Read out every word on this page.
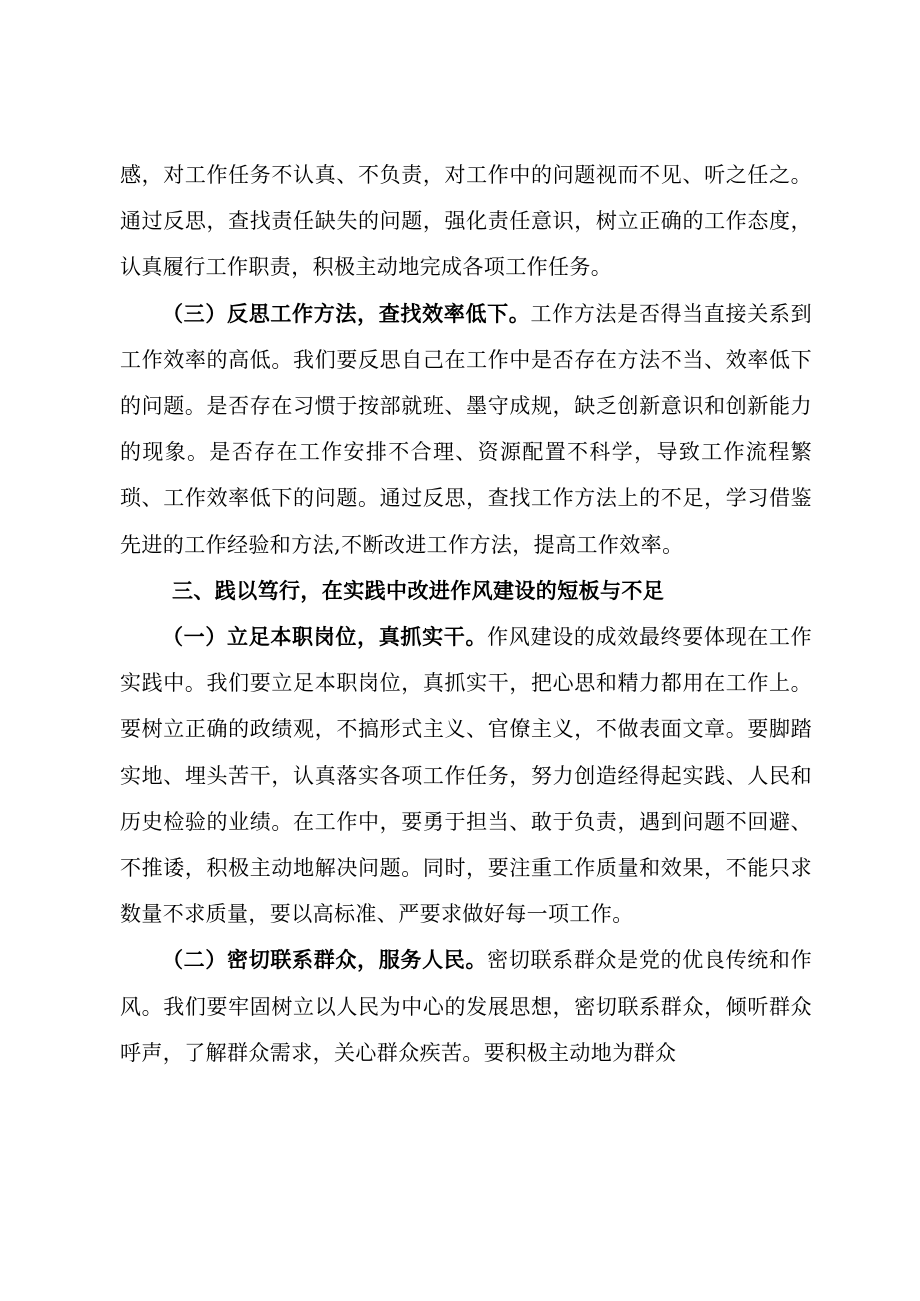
感，对工作任务不认真、不负责，对工作中的问题视而不见、听之任之。通过反思，查找责任缺失的问题，强化责任意识，树立正确的工作态度，认真履行工作职责，积极主动地完成各项工作任务。

（三）反思工作方法，查找效率低下。工作方法是否得当直接关系到工作效率的高低。我们要反思自己在工作中是否存在方法不当、效率低下的问题。是否存在习惯于按部就班、墨守成规，缺乏创新意识和创新能力的现象。是否存在工作安排不合理、资源配置不科学，导致工作流程繁琐、工作效率低下的问题。通过反思，查找工作方法上的不足，学习借鉴先进的工作经验和方法,不断改进工作方法，提高工作效率。

三、践以笃行，在实践中改进作风建设的短板与不足

（一）立足本职岗位，真抓实干。作风建设的成效最终要体现在工作实践中。我们要立足本职岗位，真抓实干，把心思和精力都用在工作上。要树立正确的政绩观，不搞形式主义、官僚主义，不做表面文章。要脚踏实地、埋头苦干，认真落实各项工作任务，努力创造经得起实践、人民和历史检验的业绩。在工作中，要勇于担当、敢于负责，遇到问题不回避、不推诿，积极主动地解决问题。同时，要注重工作质量和效果，不能只求数量不求质量，要以高标准、严要求做好每一项工作。

（二）密切联系群众，服务人民。密切联系群众是党的优良传统和作风。我们要牢固树立以人民为中心的发展思想，密切联系群众，倾听群众呼声，了解群众需求，关心群众疾苦。要积极主动地为群众
